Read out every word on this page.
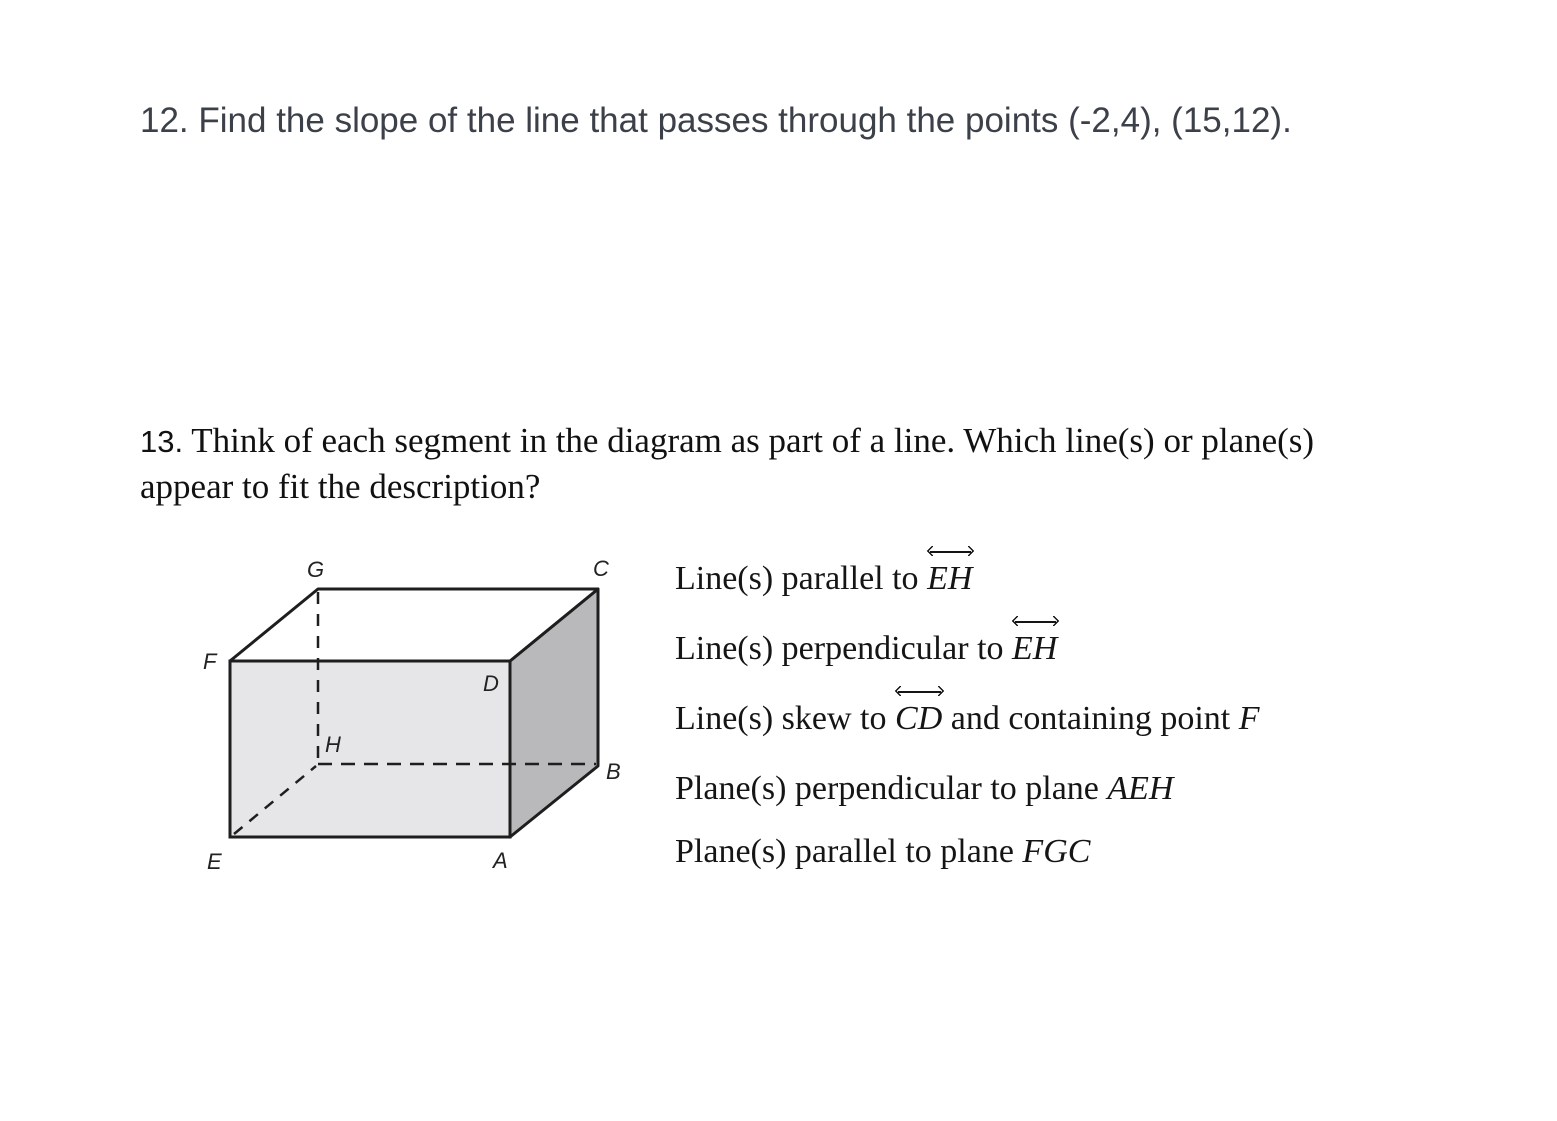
12. Find the slope of the line that passes through the points (-2,4), (15,12).

13. Think of each segment in the diagram as part of a line. Which line(s) or plane(s) appear to fit the description?

G	C
F
D
H
B
E	A

Line(s) parallel to EH

Line(s) perpendicular to EH

Line(s) skew to CD and containing point F

Plane(s) perpendicular to plane AEH

Plane(s) parallel to plane FGC
